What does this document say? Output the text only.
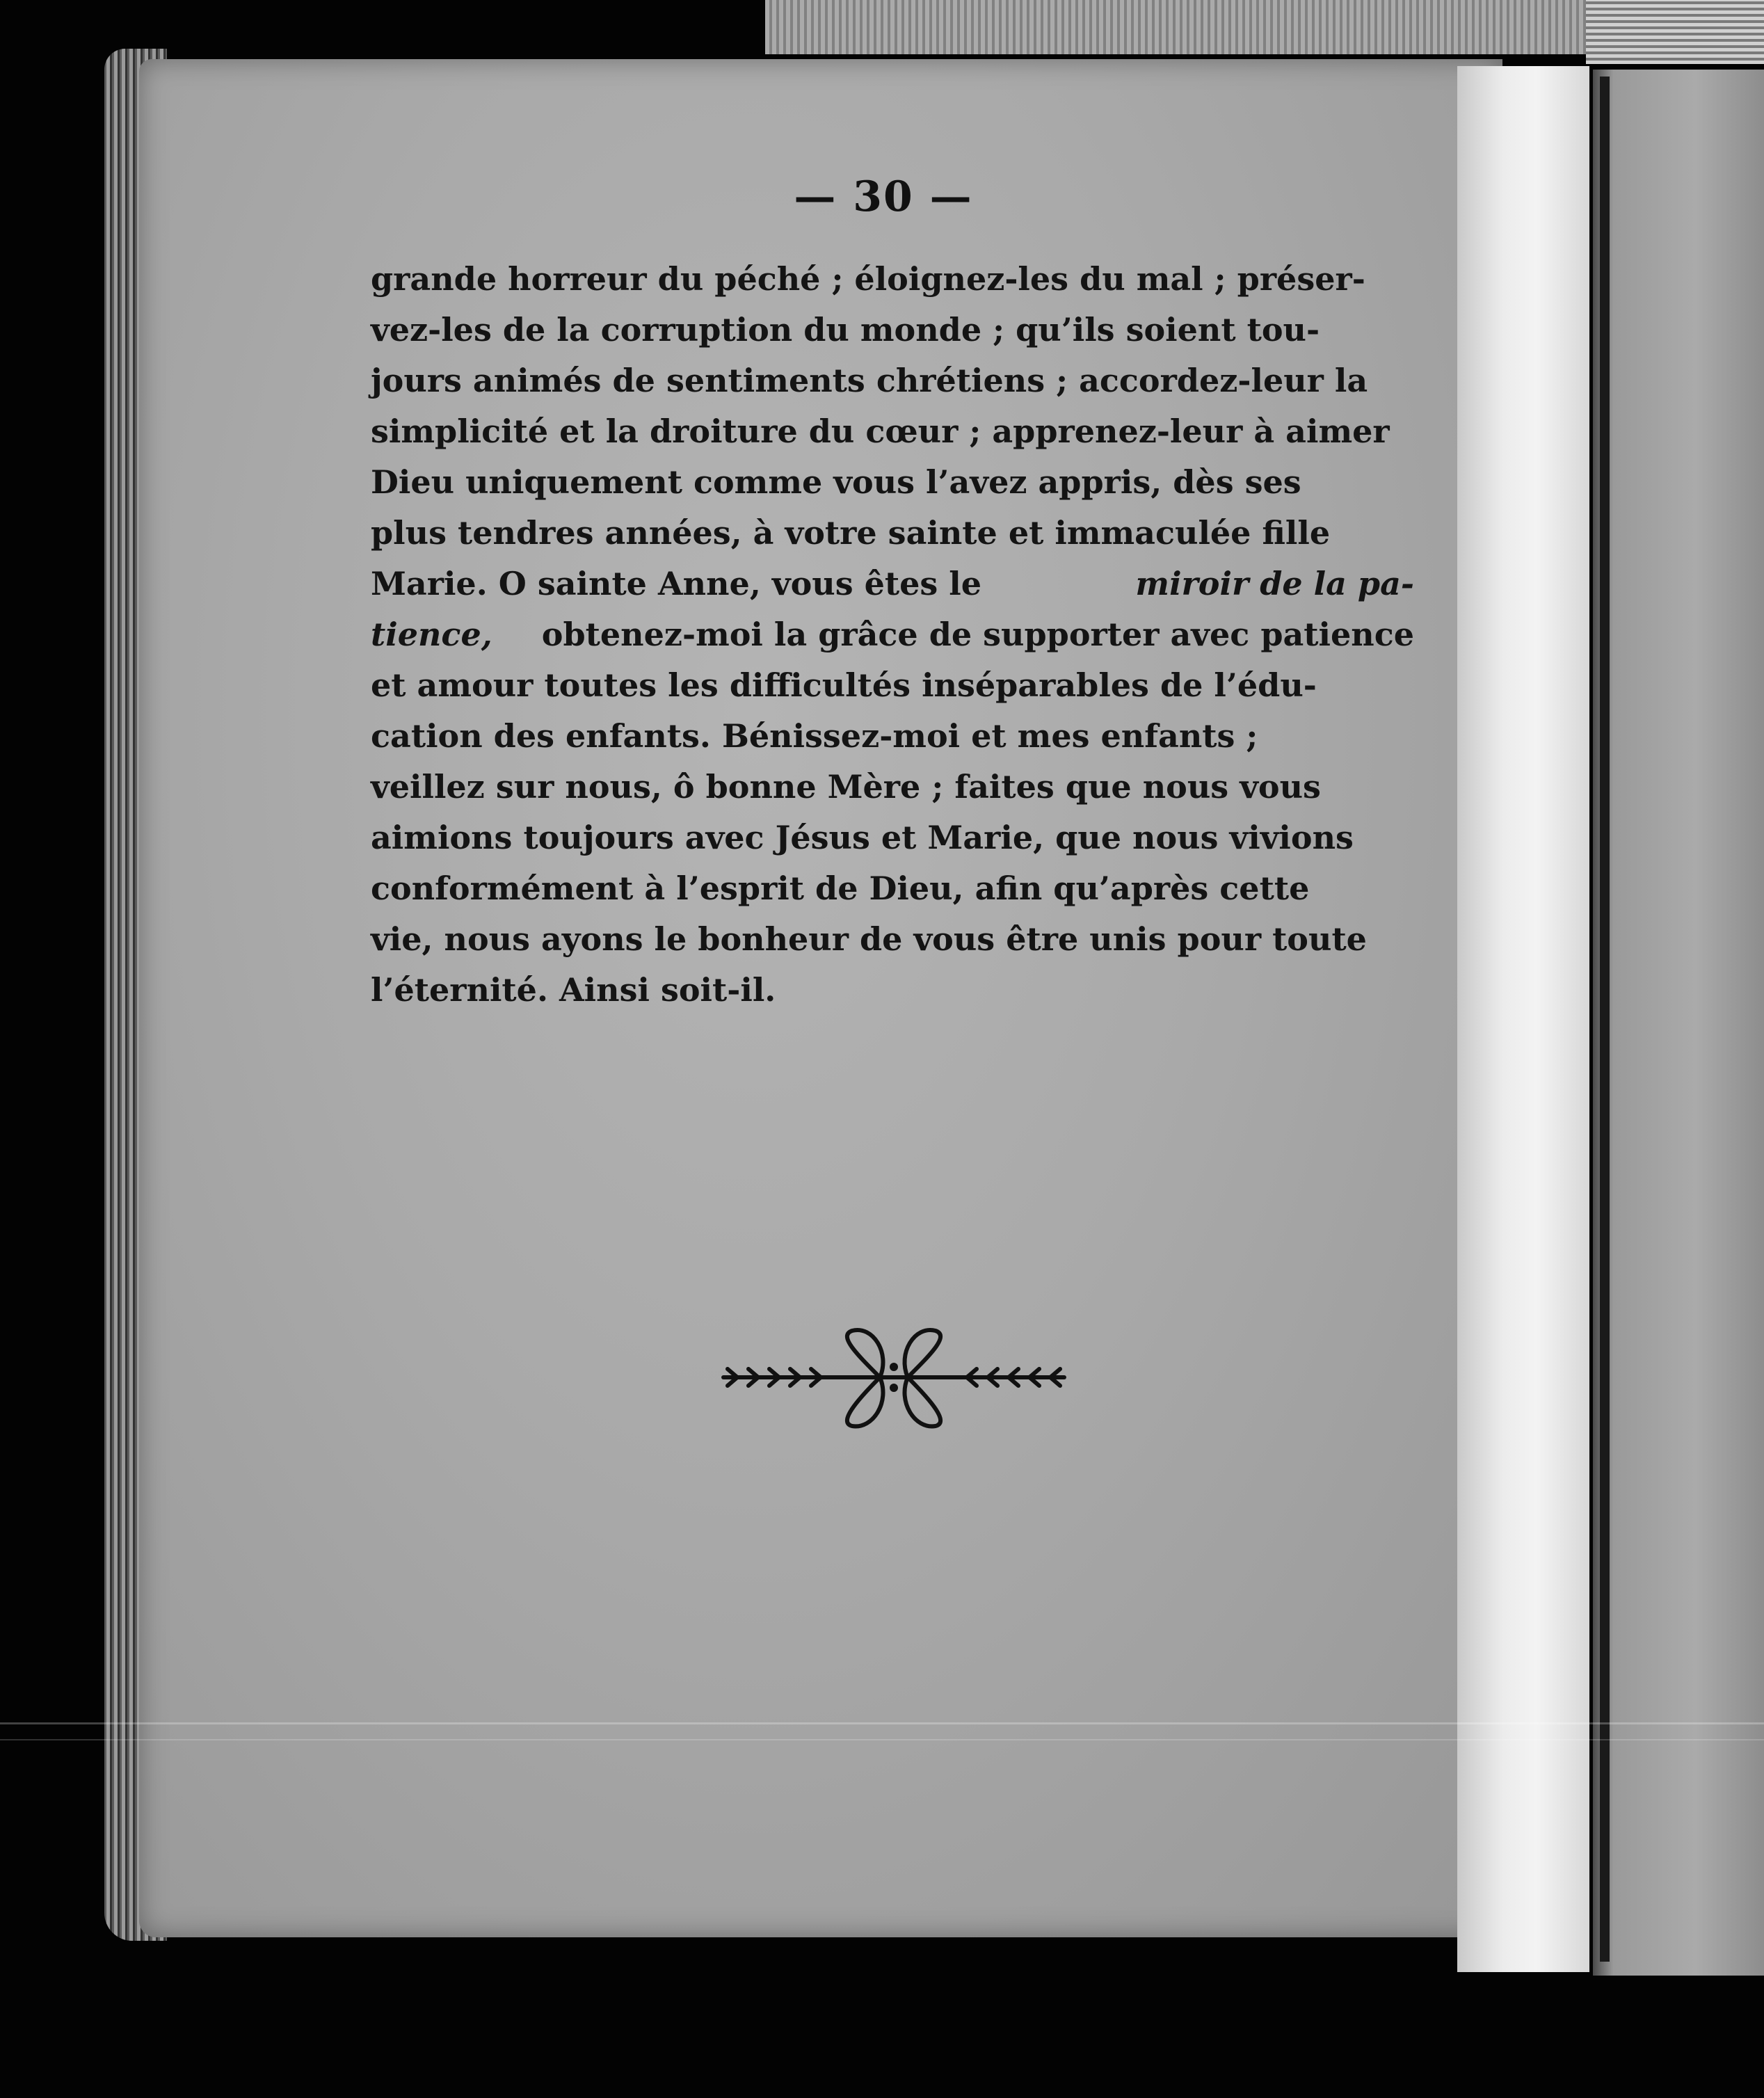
— 30 —
grande horreur du péché ; éloignez-les du mal ; préser-
vez-les de la corruption du monde ; qu’ils soient tou-
jours animés de sentiments chrétiens ; accordez-leur la
simplicité et la droiture du cœur ; apprenez-leur à aimer
Dieu uniquement comme vous l’avez appris, dès ses
plus tendres années, à votre sainte et immaculée fille
Marie. O sainte Anne, vous êtes le	miroir de la pa-
tience, obtenez-moi la grâce de supporter avec patience
et amour toutes les difficultés inséparables de l’édu-
cation des enfants. Bénissez-moi et mes enfants ;
veillez sur nous, ô bonne Mère ; faites que nous vous
aimions toujours avec Jésus et Marie, que nous vivions
conformément à l’esprit de Dieu, afin qu’après cette
vie, nous ayons le bonheur de vous être unis pour toute
l’éternité. Ainsi soit-il.
